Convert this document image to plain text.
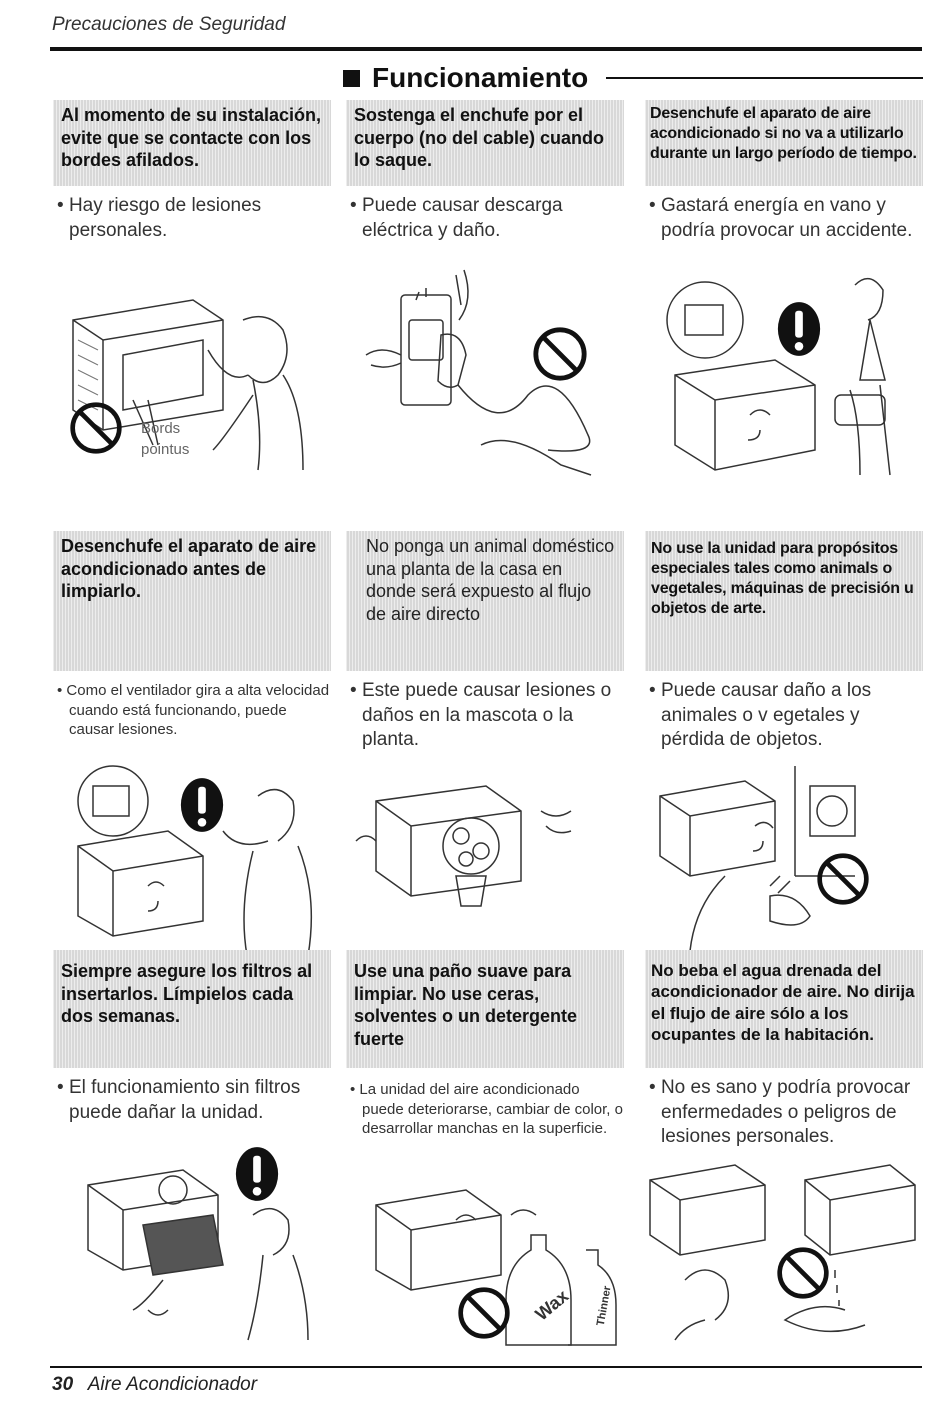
Precauciones de Seguridad
Funcionamiento
Al momento de su instalación, evite que se contacte con los bordes afilados.
• Hay riesgo de lesiones personales.
Bords
pointus
Sostenga el enchufe por el cuerpo (no del cable) cuando lo saque.
• Puede causar descarga eléctrica y daño.
Desenchufe el aparato de aire acondicionado si no va a utilizarlo durante un largo período de tiempo.
• Gastará energía en vano y podría provocar un accidente.
Desenchufe el aparato de aire acondicionado antes de limpiarlo.
• Como el ventilador gira a alta velocidad cuando está funcionando, puede causar lesiones.
No ponga un animal doméstico una planta de la casa en donde será expuesto al flujo de aire directo
• Este puede causar lesiones o daños en la mascota o la planta.
No use la unidad para propósitos especiales tales como animals o vegetales, máquinas de precisión u objetos de arte.
• Puede causar daño a los animales o v egetales y pérdida de objetos.
Siempre asegure los filtros al insertarlos. Límpielos cada dos semanas.
• El funcionamiento sin filtros puede dañar la unidad.
Use una paño suave para limpiar. No use ceras, solventes o un detergente fuerte
• La unidad del aire acondicionado puede deteriorarse, cambiar de color, o desarrollar manchas en la superficie.
Wax Thinner
No beba el agua drenada del acondicionador de aire. No dirija el flujo de aire sólo a los ocupantes de la habitación.
• No es sano y podría provocar enfermedades o peligros de lesiones personales.
30 Aire Acondicionador
